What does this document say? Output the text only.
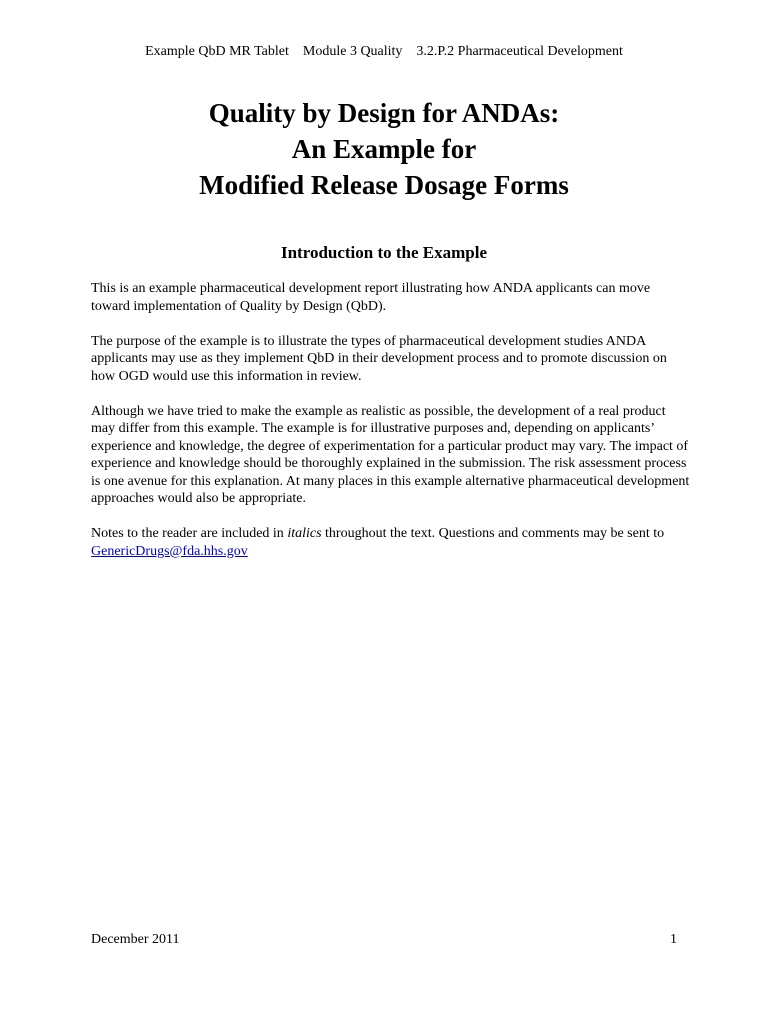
Example QbD MR Tablet    Module 3 Quality    3.2.P.2 Pharmaceutical Development
Quality by Design for ANDAs:
An Example for
Modified Release Dosage Forms
Introduction to the Example

This is an example pharmaceutical development report illustrating how ANDA applicants can move toward implementation of Quality by Design (QbD).

The purpose of the example is to illustrate the types of pharmaceutical development studies ANDA applicants may use as they implement QbD in their development process and to promote discussion on how OGD would use this information in review.

Although we have tried to make the example as realistic as possible, the development of a real product may differ from this example. The example is for illustrative purposes and, depending on applicants’ experience and knowledge, the degree of experimentation for a particular product may vary. The impact of experience and knowledge should be thoroughly explained in the submission. The risk assessment process is one avenue for this explanation. At many places in this example alternative pharmaceutical development approaches would also be appropriate.

Notes to the reader are included in italics throughout the text. Questions and comments may be sent to GenericDrugs@fda.hhs.gov

December 2011	1
